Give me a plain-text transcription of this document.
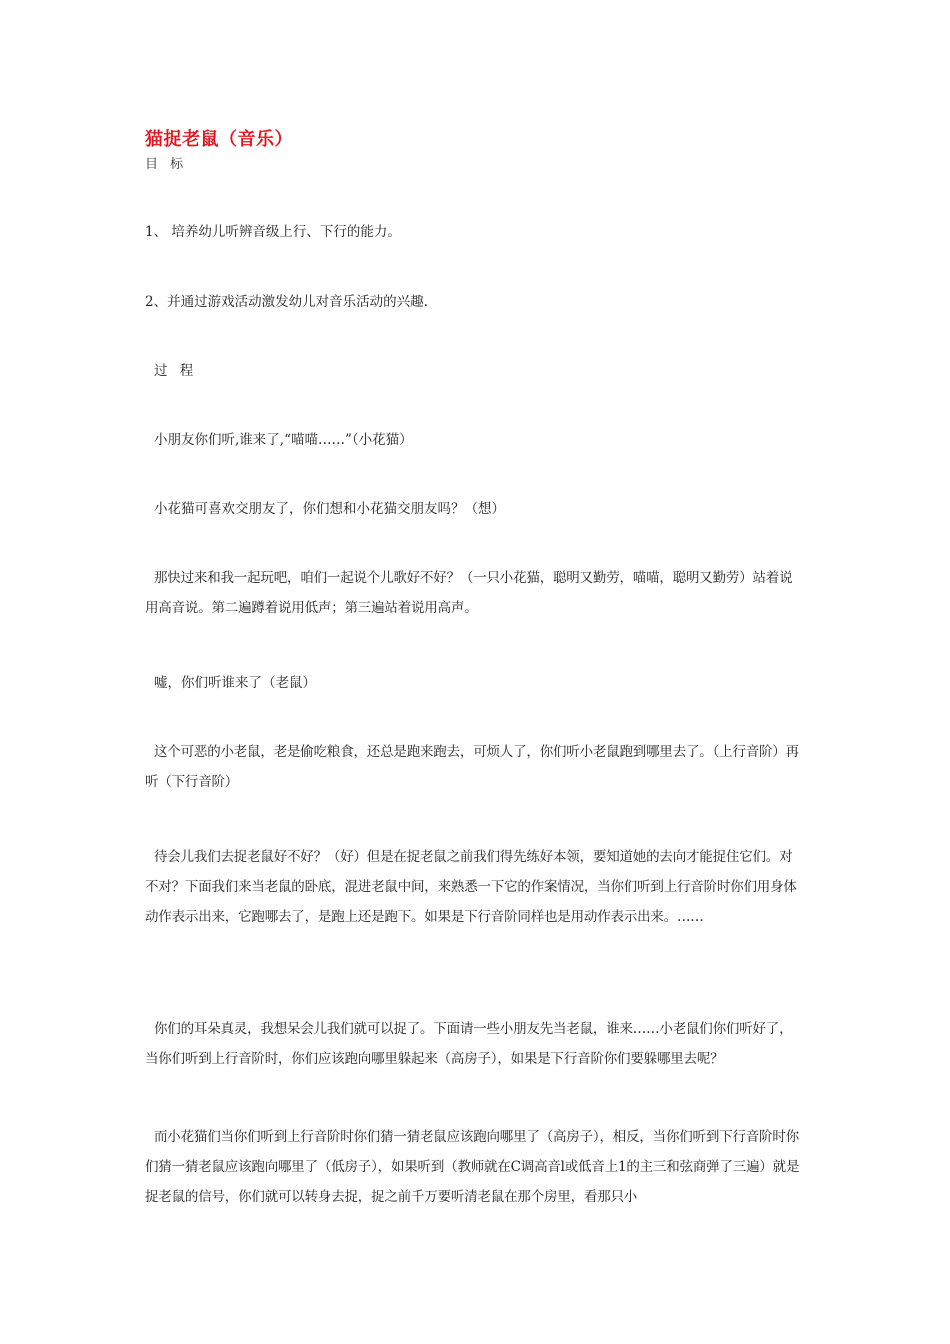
猫捉老鼠（音乐）
目 标
1、 培养幼儿听辨音级上行、下行的能力。
2、并通过游戏活动激发幼儿对音乐活动的兴趣.
过 程
小朋友你们听,谁来了,“喵喵……”（小花猫）
小花猫可喜欢交朋友了，你们想和小花猫交朋友吗？（想）
那快过来和我一起玩吧，咱们一起说个儿歌好不好？（一只小花猫，聪明又勤劳，喵喵，聪明又勤劳）站着说用高音说。第二遍蹲着说用低声；第三遍站着说用高声。
嘘，你们听谁来了（老鼠）
这个可恶的小老鼠，老是偷吃粮食，还总是跑来跑去，可烦人了，你们听小老鼠跑到哪里去了。（上行音阶）再听（下行音阶）
待会儿我们去捉老鼠好不好？（好）但是在捉老鼠之前我们得先练好本领，要知道她的去向才能捉住它们。对不对？下面我们来当老鼠的卧底，混进老鼠中间，来熟悉一下它的作案情况，当你们听到上行音阶时你们用身体动作表示出来，它跑哪去了，是跑上还是跑下。如果是下行音阶同样也是用动作表示出来。……
你们的耳朵真灵，我想呆会儿我们就可以捉了。下面请一些小朋友先当老鼠，谁来……小老鼠们你们听好了，当你们听到上行音阶时，你们应该跑向哪里躲起来（高房子），如果是下行音阶你们要躲哪里去呢？
而小花猫们当你们听到上行音阶时你们猜一猜老鼠应该跑向哪里了（高房子），相反，当你们听到下行音阶时你们猜一猜老鼠应该跑向哪里了（低房子），如果听到（教师就在C调高音l或低音上1的主三和弦商弹了三遍）就是捉老鼠的信号，你们就可以转身去捉，捉之前千万要听清老鼠在那个房里，看那只小
